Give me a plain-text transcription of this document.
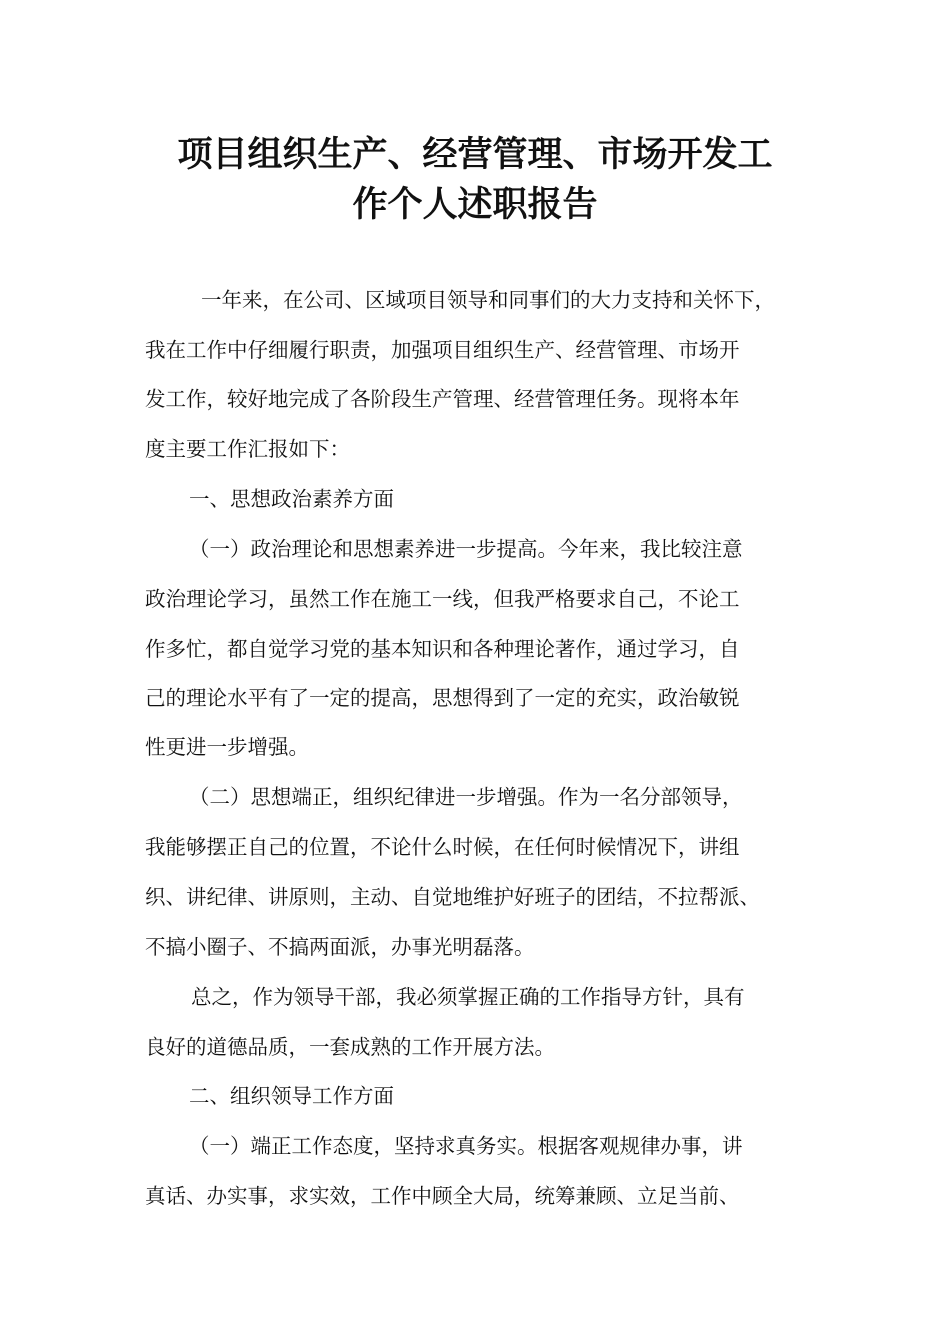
项目组织生产、经营管理、市场开发工
作个人述职报告

一年来，在公司、区域项目领导和同事们的大力支持和关怀下，

我在工作中仔细履行职责，加强项目组织生产、经营管理、市场开

发工作，较好地完成了各阶段生产管理、经营管理任务。现将本年

度主要工作汇报如下：

一、思想政治素养方面

（一）政治理论和思想素养进一步提高。今年来，我比较注意

政治理论学习，虽然工作在施工一线，但我严格要求自己，不论工

作多忙，都自觉学习党的基本知识和各种理论著作，通过学习，自

己的理论水平有了一定的提高，思想得到了一定的充实，政治敏锐

性更进一步增强。

（二）思想端正，组织纪律进一步增强。作为一名分部领导，

我能够摆正自己的位置，不论什么时候，在任何时候情况下，讲组

织、讲纪律、讲原则，主动、自觉地维护好班子的团结，不拉帮派、

不搞小圈子、不搞两面派，办事光明磊落。

总之，作为领导干部，我必须掌握正确的工作指导方针，具有

良好的道德品质，一套成熟的工作开展方法。

二、组织领导工作方面

（一）端正工作态度，坚持求真务实。根据客观规律办事，讲

真话、办实事，求实效，工作中顾全大局，统筹兼顾、立足当前、
